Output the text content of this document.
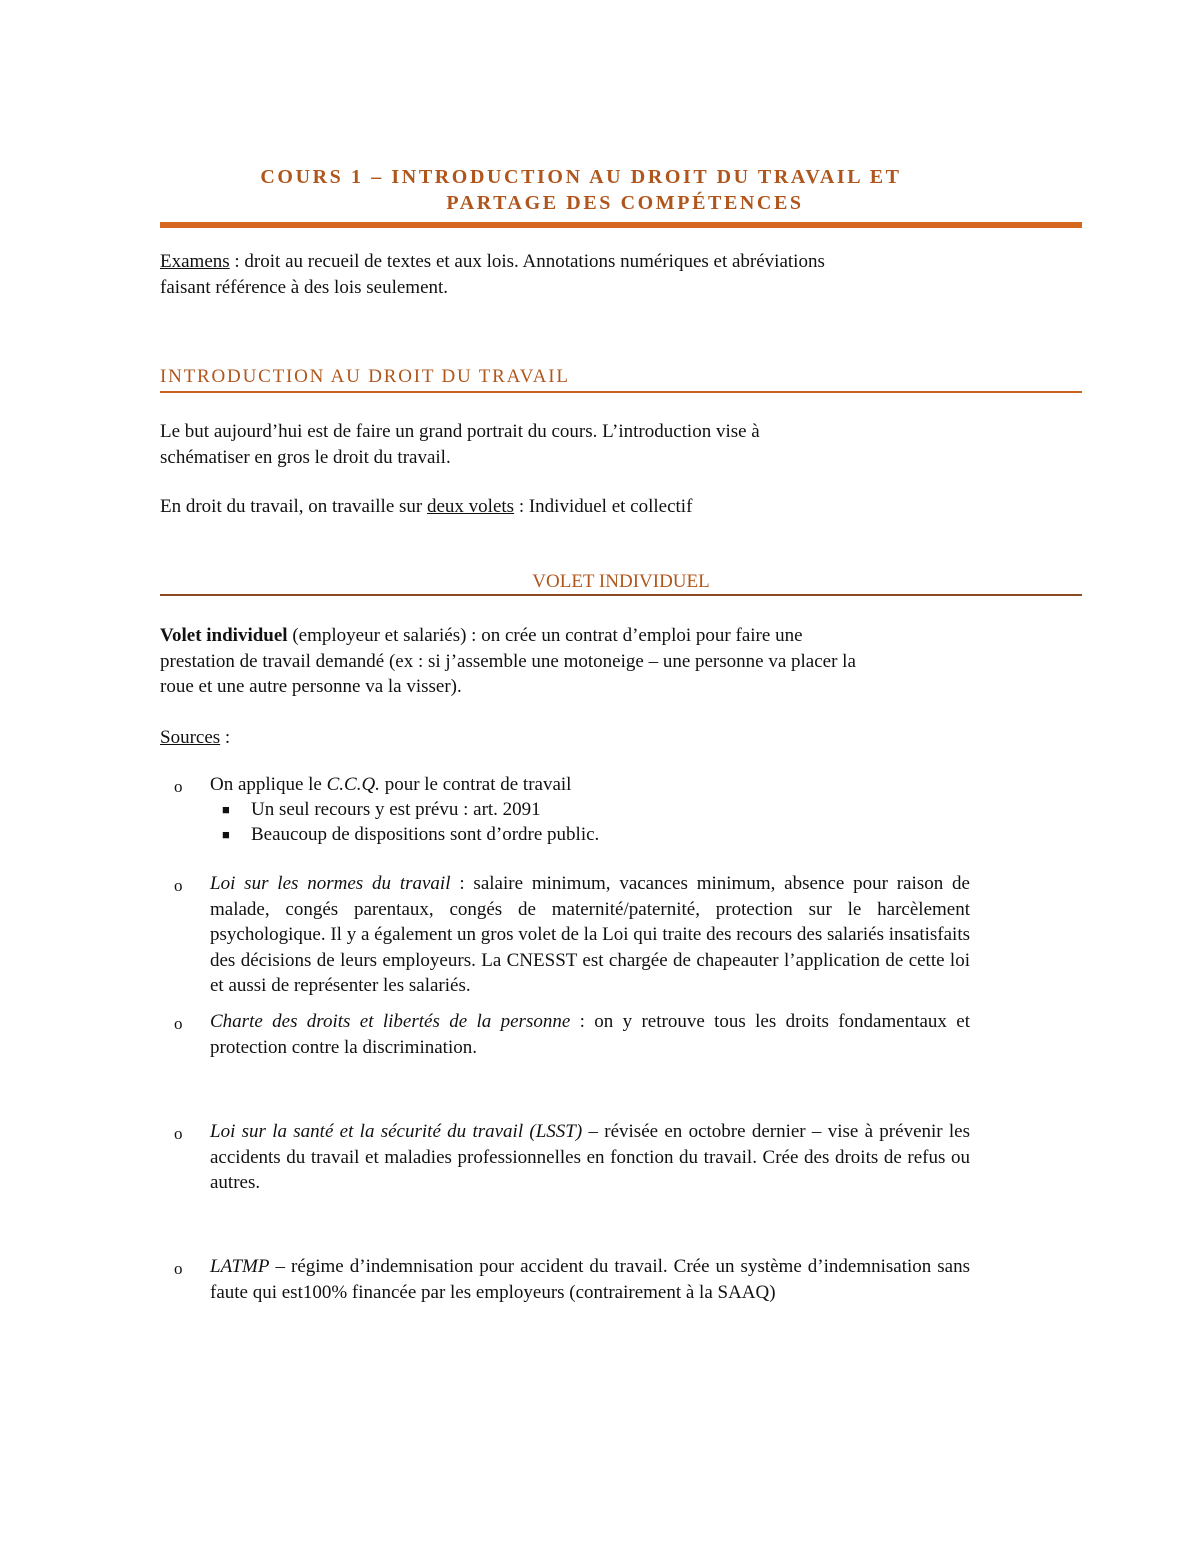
COURS 1 – INTRODUCTION AU DROIT DU TRAVAIL ET
PARTAGE DES COMPÉTENCES
Examens : droit au recueil de textes et aux lois. Annotations numériques et abréviations
faisant référence à des lois seulement.
INTRODUCTION AU DROIT DU TRAVAIL
Le but aujourd’hui est de faire un grand portrait du cours. L’introduction vise à
schématiser en gros le droit du travail.
En droit du travail, on travaille sur deux volets : Individuel et collectif
VOLET INDIVIDUEL
Volet individuel (employeur et salariés) : on crée un contrat d’emploi pour faire une
prestation de travail demandé (ex : si j’assemble une motoneige – une personne va placer la
roue et une autre personne va la visser).
Sources :
o On applique le C.C.Q. pour le contrat de travail
■ Un seul recours y est prévu : art. 2091
■ Beaucoup de dispositions sont d’ordre public.
o Loi sur les normes du travail : salaire minimum, vacances minimum, absence pour raison de malade, congés parentaux, congés de maternité/paternité, protection sur le harcèlement psychologique. Il y a également un gros volet de la Loi qui traite des recours des salariés insatisfaits des décisions de leurs employeurs. La CNESST est chargée de chapeauter l’application de cette loi et aussi de représenter les salariés.
o Charte des droits et libertés de la personne : on y retrouve tous les droits fondamentaux et protection contre la discrimination.
o Loi sur la santé et la sécurité du travail (LSST) – révisée en octobre dernier – vise à prévenir les accidents du travail et maladies professionnelles en fonction du travail. Crée des droits de refus ou autres.
o LATMP – régime d’indemnisation pour accident du travail. Crée un système d’indemnisation sans faute qui est100% financée par les employeurs (contrairement à la SAAQ)
